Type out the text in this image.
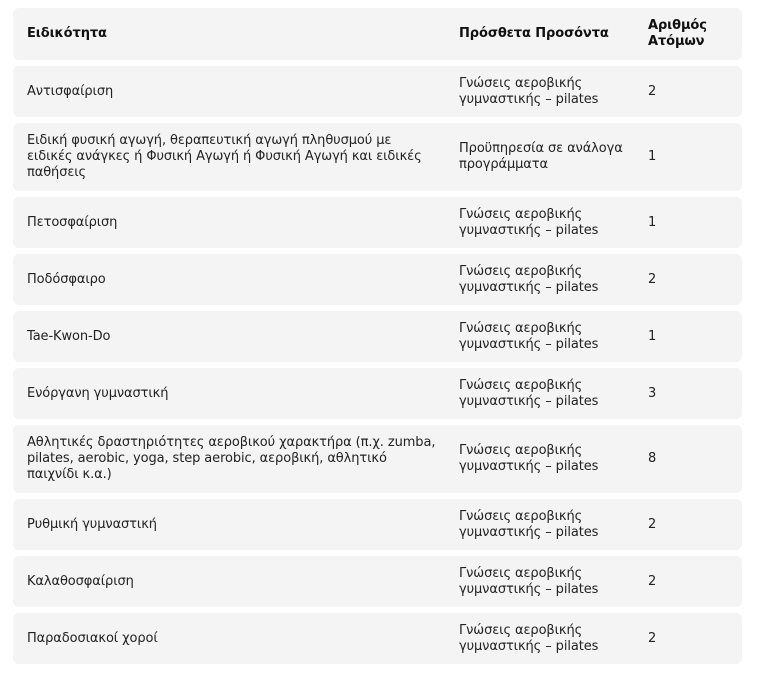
Ειδικότητα	Πρόσθετα Προσόντα
Αριθμός Ατόμων
Αντισφαίριση
Γνώσεις αεροβικής γυμναστικής – pilates
2
Ειδική φυσική αγωγή, θεραπευτική αγωγή πληθυσμού με ειδικές ανάγκες ή Φυσική Αγωγή ή Φυσική Αγωγή και ειδικές παθήσεις
Προϋπηρεσία σε ανάλογα προγράμματα
1
Πετοσφαίριση
Γνώσεις αεροβικής γυμναστικής – pilates
1
Ποδόσφαιρο
Γνώσεις αεροβικής γυμναστικής – pilates
2
Tae-Kwon-Do
Γνώσεις αεροβικής γυμναστικής – pilates
1
Ενόργανη γυμναστική
Γνώσεις αεροβικής γυμναστικής – pilates
3
Αθλητικές δραστηριότητες αεροβικού χαρακτήρα (π.χ. zumba, pilates, aerobic, yoga, step aerobic, αεροβική, αθλητικό παιχνίδι κ.α.)
Γνώσεις αεροβικής γυμναστικής – pilates
8
Ρυθμική γυμναστική
Γνώσεις αεροβικής γυμναστικής – pilates
2
Καλαθοσφαίριση
Γνώσεις αεροβικής γυμναστικής – pilates
2
Παραδοσιακοί χοροί
Γνώσεις αεροβικής γυμναστικής – pilates
2
